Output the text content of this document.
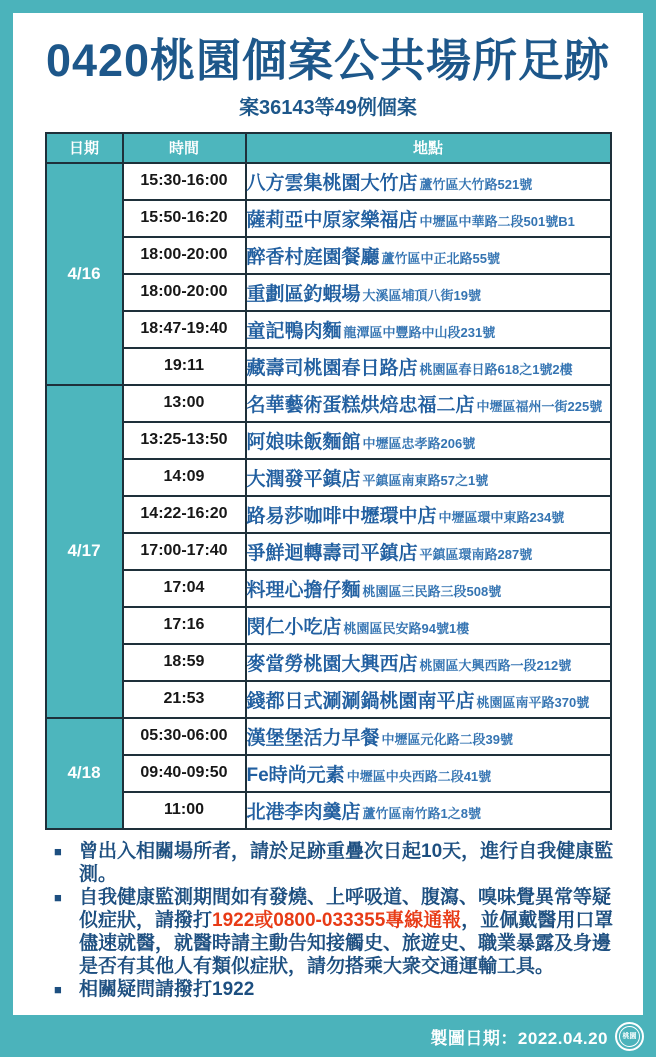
0420桃園個案公共場所足跡
案36143等49例個案
日期	時間	地點
4/16	15:30-16:00	八方雲集桃園大竹店 蘆竹區大竹路521號
	15:50-16:20	薩莉亞中原家樂福店 中壢區中華路二段501號B1
	18:00-20:00	醉香村庭園餐廳 蘆竹區中正北路55號
	18:00-20:00	重劃區釣蝦場 大溪區埔頂八街19號
	18:47-19:40	童記鴨肉麵 龍潭區中豐路中山段231號
	19:11	藏壽司桃園春日路店 桃園區春日路618之1號2樓
4/17	13:00	名華藝術蛋糕烘焙忠福二店 中壢區福州一街225號
	13:25-13:50	阿娘味飯麵館 中壢區忠孝路206號
	14:09	大潤發平鎮店 平鎮區南東路57之1號
	14:22-16:20	路易莎咖啡中壢環中店 中壢區環中東路234號
	17:00-17:40	爭鮮迴轉壽司平鎮店 平鎮區環南路287號
	17:04	料理心擔仔麵 桃園區三民路三段508號
	17:16	閔仁小吃店 桃園區民安路94號1樓
	18:59	麥當勞桃園大興西店 桃園區大興西路一段212號
	21:53	錢都日式涮涮鍋桃園南平店 桃園區南平路370號
4/18	05:30-06:00	漢堡堡活力早餐 中壢區元化路二段39號
	09:40-09:50	Fe時尚元素 中壢區中央西路二段41號
	11:00	北港李肉羹店 蘆竹區南竹路1之8號
■ 曾出入相關場所者，請於足跡重疊次日起10天，進行自我健康監測。
■ 自我健康監測期間如有發燒、上呼吸道、腹瀉、嗅味覺異常等疑似症狀，請撥打1922或0800-033355專線通報，並佩戴醫用口罩儘速就醫，就醫時請主動告知接觸史、旅遊史、職業暴露及身邊是否有其他人有類似症狀，請勿搭乘大衆交通運輸工具。
■ 相關疑問請撥打1922
製圖日期：2022.04.20	桃園
